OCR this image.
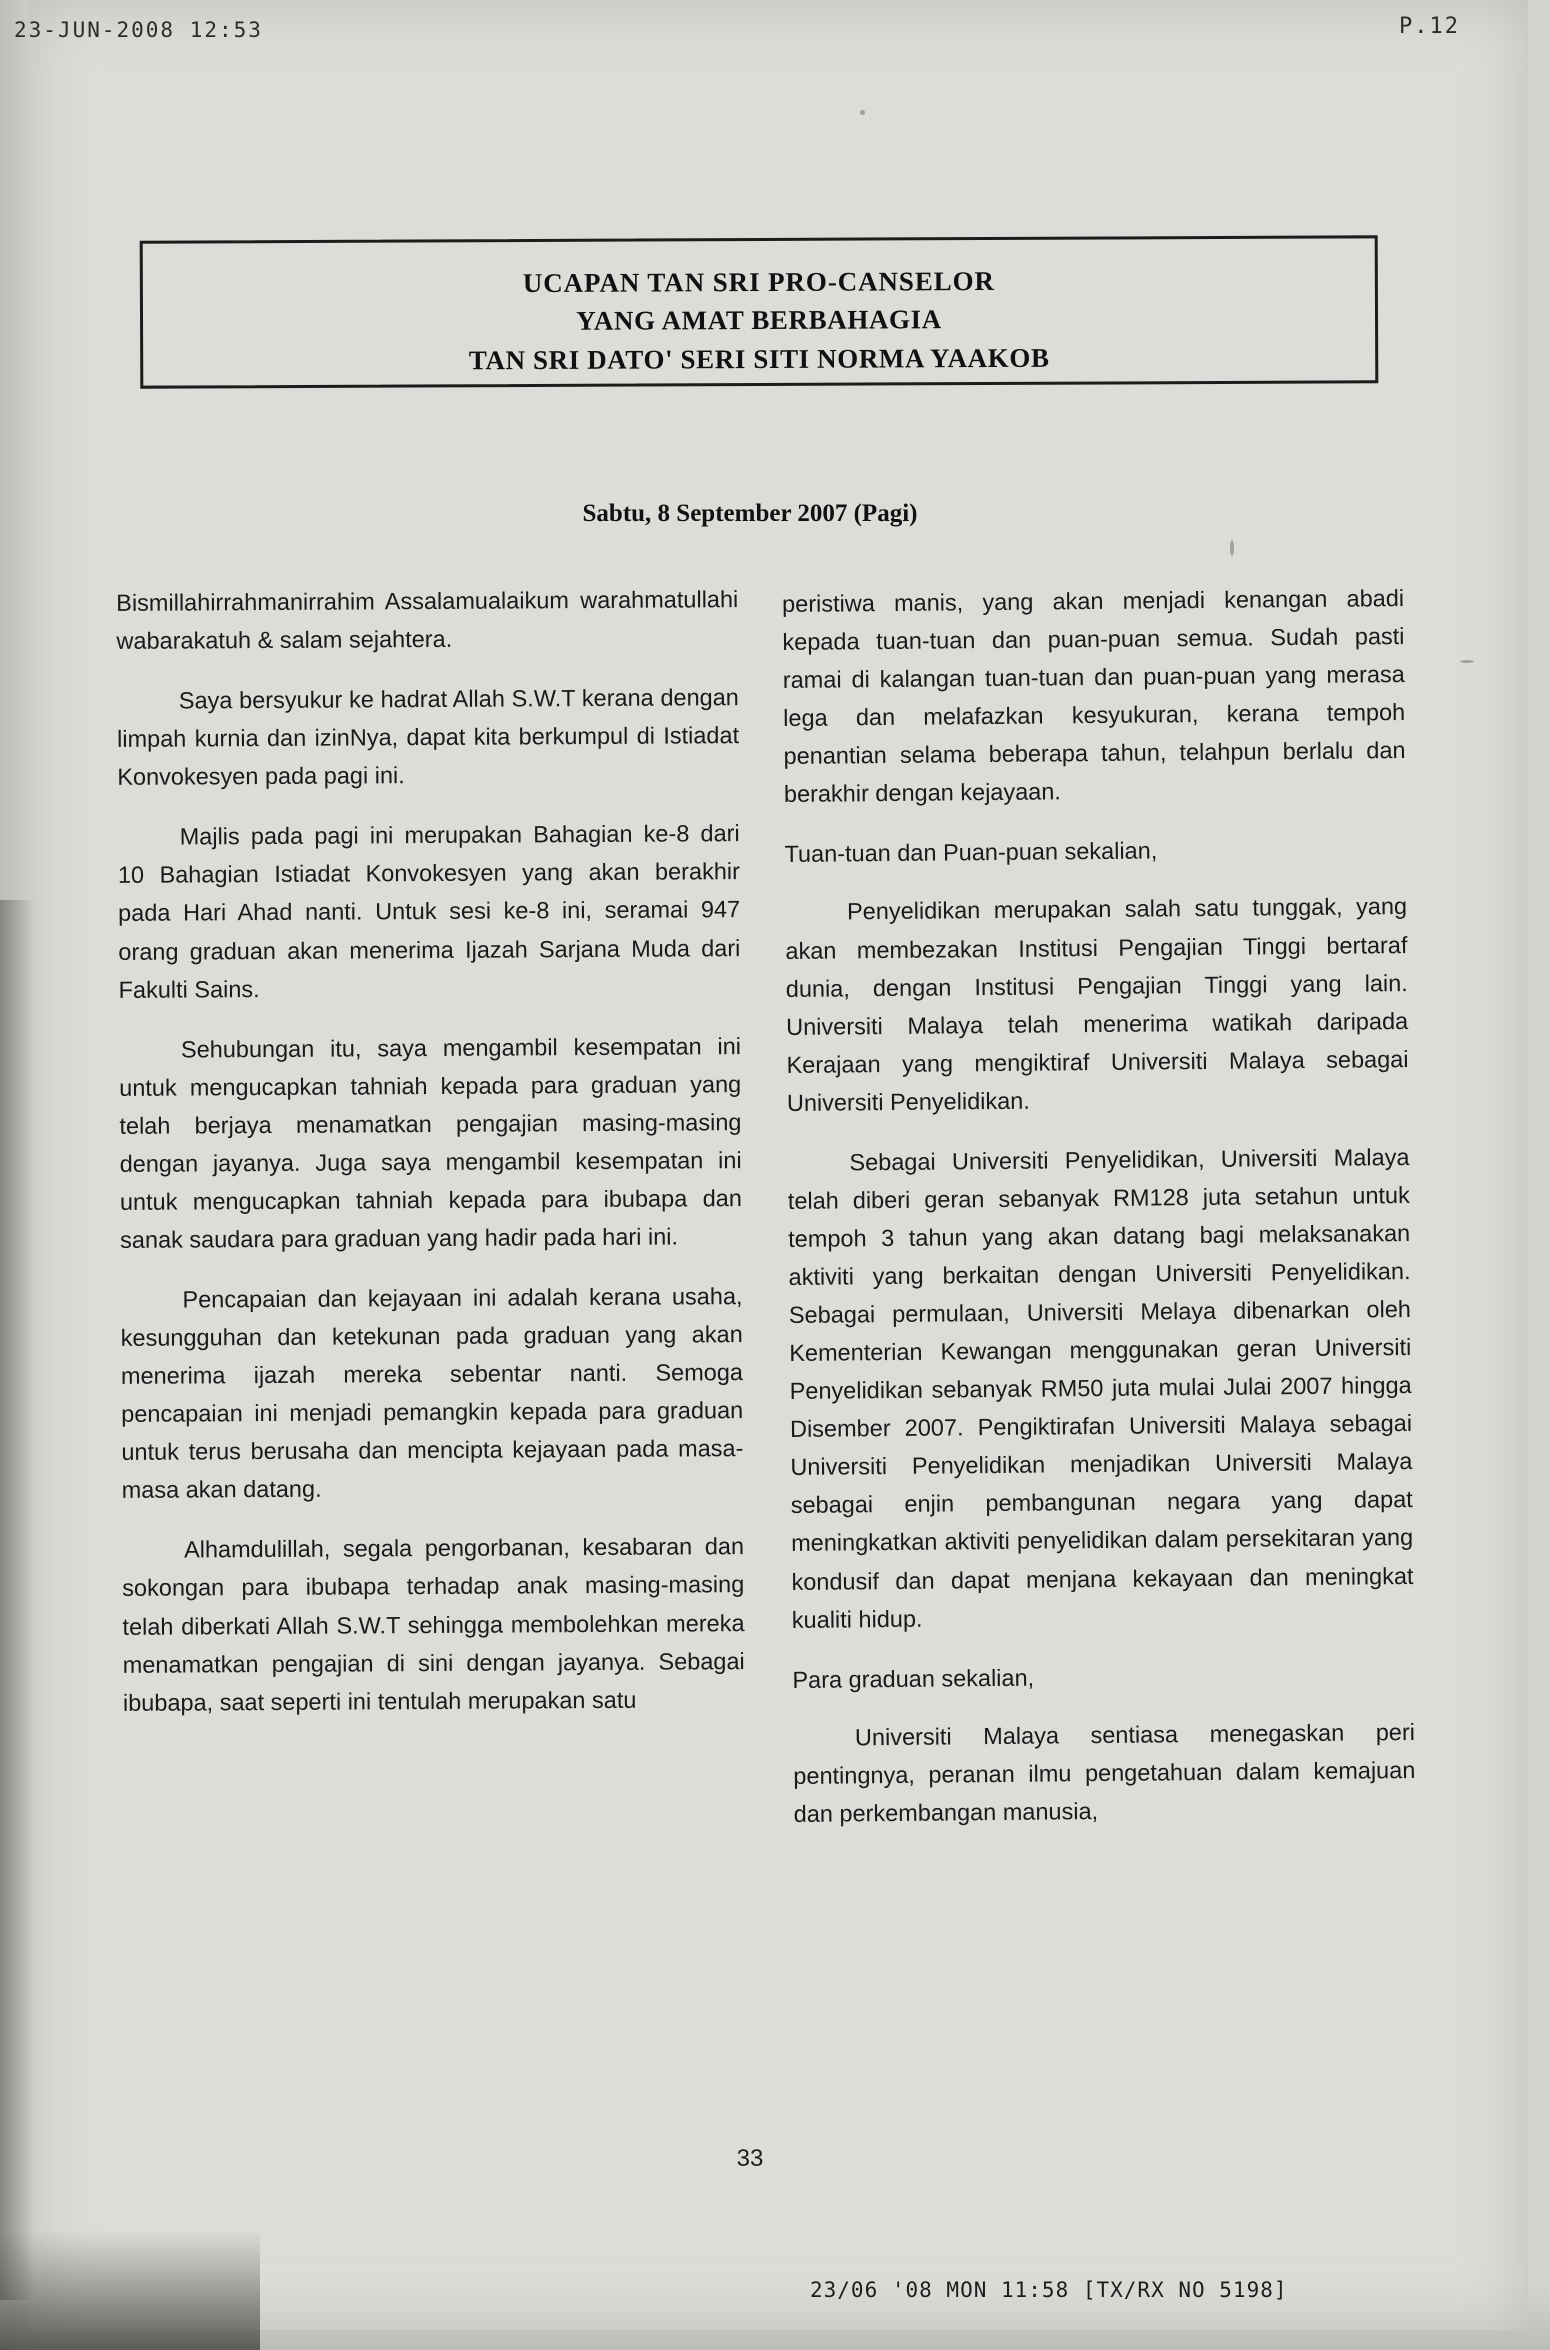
23-JUN-2008 12:53	P.12
UCAPAN TAN SRI PRO-CANSELOR
YANG AMAT BERBAHAGIA
TAN SRI DATO' SERI SITI NORMA YAAKOB
Sabtu, 8 September 2007 (Pagi)

Bismillahirrahmanirrahim Assalamualaikum warahmatullahi wabarakatuh & salam sejahtera.

Saya bersyukur ke hadrat Allah S.W.T kerana dengan limpah kurnia dan izinNya, dapat kita berkumpul di Istiadat Konvokesyen pada pagi ini.

Majlis pada pagi ini merupakan Bahagian ke-8 dari 10 Bahagian Istiadat Konvokesyen yang akan berakhir pada Hari Ahad nanti. Untuk sesi ke-8 ini, seramai 947 orang graduan akan menerima Ijazah Sarjana Muda dari Fakulti Sains.

Sehubungan itu, saya mengambil kesempatan ini untuk mengucapkan tahniah kepada para graduan yang telah berjaya menamatkan pengajian masing-masing dengan jayanya. Juga saya mengambil kesempatan ini untuk mengucapkan tahniah kepada para ibubapa dan sanak saudara para graduan yang hadir pada hari ini.

Pencapaian dan kejayaan ini adalah kerana usaha, kesungguhan dan ketekunan pada graduan yang akan menerima ijazah mereka sebentar nanti. Semoga pencapaian ini menjadi pemangkin kepada para graduan untuk terus berusaha dan mencipta kejayaan pada masa-masa akan datang.

Alhamdulillah, segala pengorbanan, kesabaran dan sokongan para ibubapa terhadap anak masing-masing telah diberkati Allah S.W.T sehingga membolehkan mereka menamatkan pengajian di sini dengan jayanya. Sebagai ibubapa, saat seperti ini tentulah merupakan satu

peristiwa manis, yang akan menjadi kenangan abadi kepada tuan-tuan dan puan-puan semua. Sudah pasti ramai di kalangan tuan-tuan dan puan-puan yang merasa lega dan melafazkan kesyukuran, kerana tempoh penantian selama beberapa tahun, telahpun berlalu dan berakhir dengan kejayaan.

Tuan-tuan dan Puan-puan sekalian,

Penyelidikan merupakan salah satu tunggak, yang akan membezakan Institusi Pengajian Tinggi bertaraf dunia, dengan Institusi Pengajian Tinggi yang lain. Universiti Malaya telah menerima watikah daripada Kerajaan yang mengiktiraf Universiti Malaya sebagai Universiti Penyelidikan.

Sebagai Universiti Penyelidikan, Universiti Malaya telah diberi geran sebanyak RM128 juta setahun untuk tempoh 3 tahun yang akan datang bagi melaksanakan aktiviti yang berkaitan dengan Universiti Penyelidikan. Sebagai permulaan, Universiti Melaya dibenarkan oleh Kementerian Kewangan menggunakan geran Universiti Penyelidikan sebanyak RM50 juta mulai Julai 2007 hingga Disember 2007. Pengiktirafan Universiti Malaya sebagai Universiti Penyelidikan menjadikan Universiti Malaya sebagai enjin pembangunan negara yang dapat meningkatkan aktiviti penyelidikan dalam persekitaran yang kondusif dan dapat menjana kekayaan dan meningkat kualiti hidup.

Para graduan sekalian,

Universiti Malaya sentiasa menegaskan peri pentingnya, peranan ilmu pengetahuan dalam kemajuan dan perkembangan manusia,

33
23/06 '08 MON 11:58 [TX/RX NO 5198]
